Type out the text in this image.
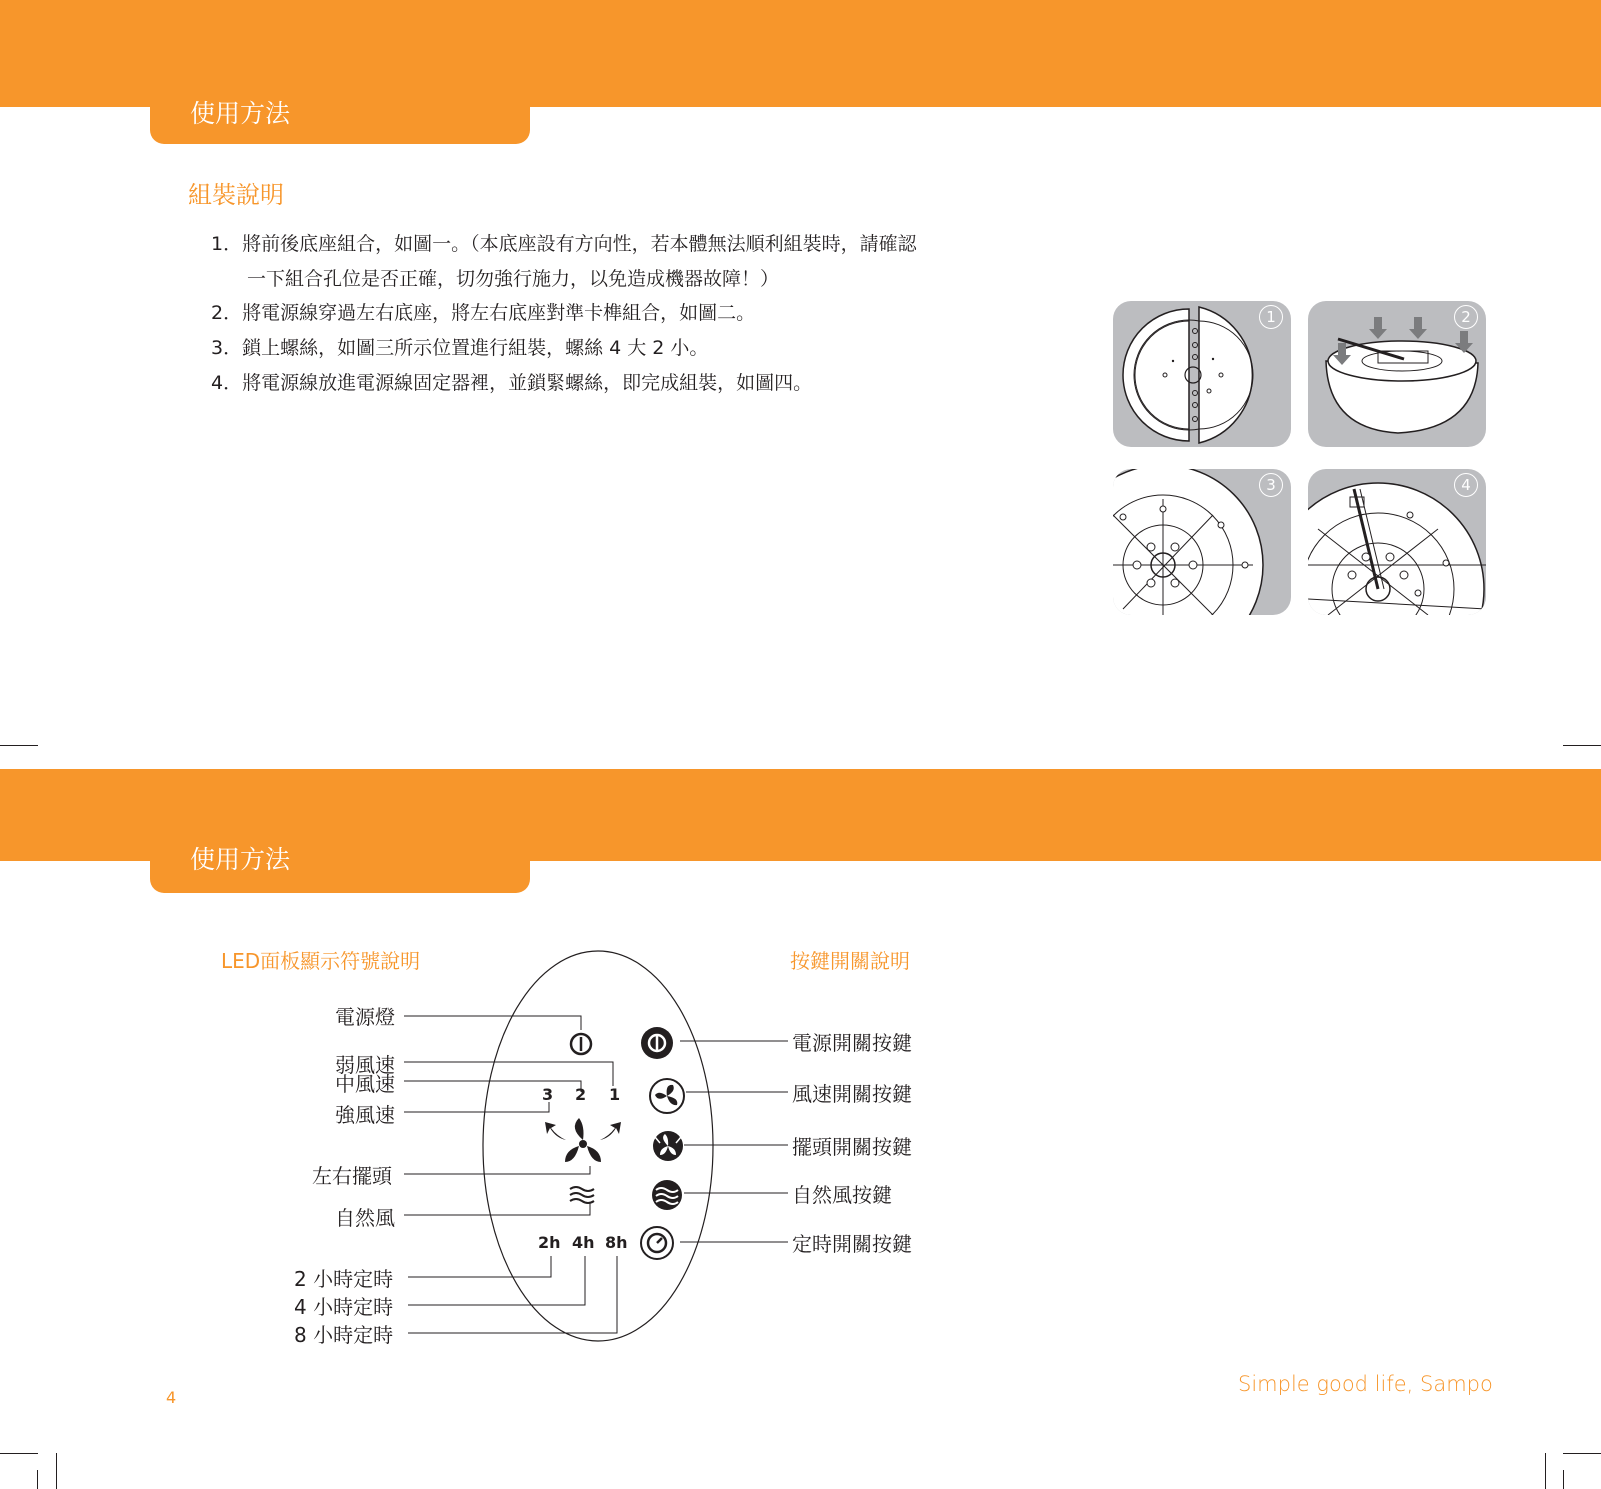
使用方法
組裝說明
1．將前後底座組合，如圖一。（本底座設有方向性，若本體無法順利組裝時，請確認
一下組合孔位是否正確，切勿強行施力，以免造成機器故障！）
2．將電源線穿過左右底座，將左右底座對準卡榫組合，如圖二。
3．鎖上螺絲，如圖三所示位置進行組裝，螺絲 4 大 2 小。
4．將電源線放進電源線固定器裡，並鎖緊螺絲，即完成組裝，如圖四。
1	2
3	4
使用方法
LED面板顯示符號說明	按鍵開關說明
3 2 1
2h 4h 8h
電源燈
弱風速
中風速
強風速
左右擺頭
自然風
2 小時定時
4 小時定時
8 小時定時
電源開關按鍵
風速開關按鍵
擺頭開關按鍵
自然風按鍵
定時開關按鍵
4
Simple good life, Sampo
